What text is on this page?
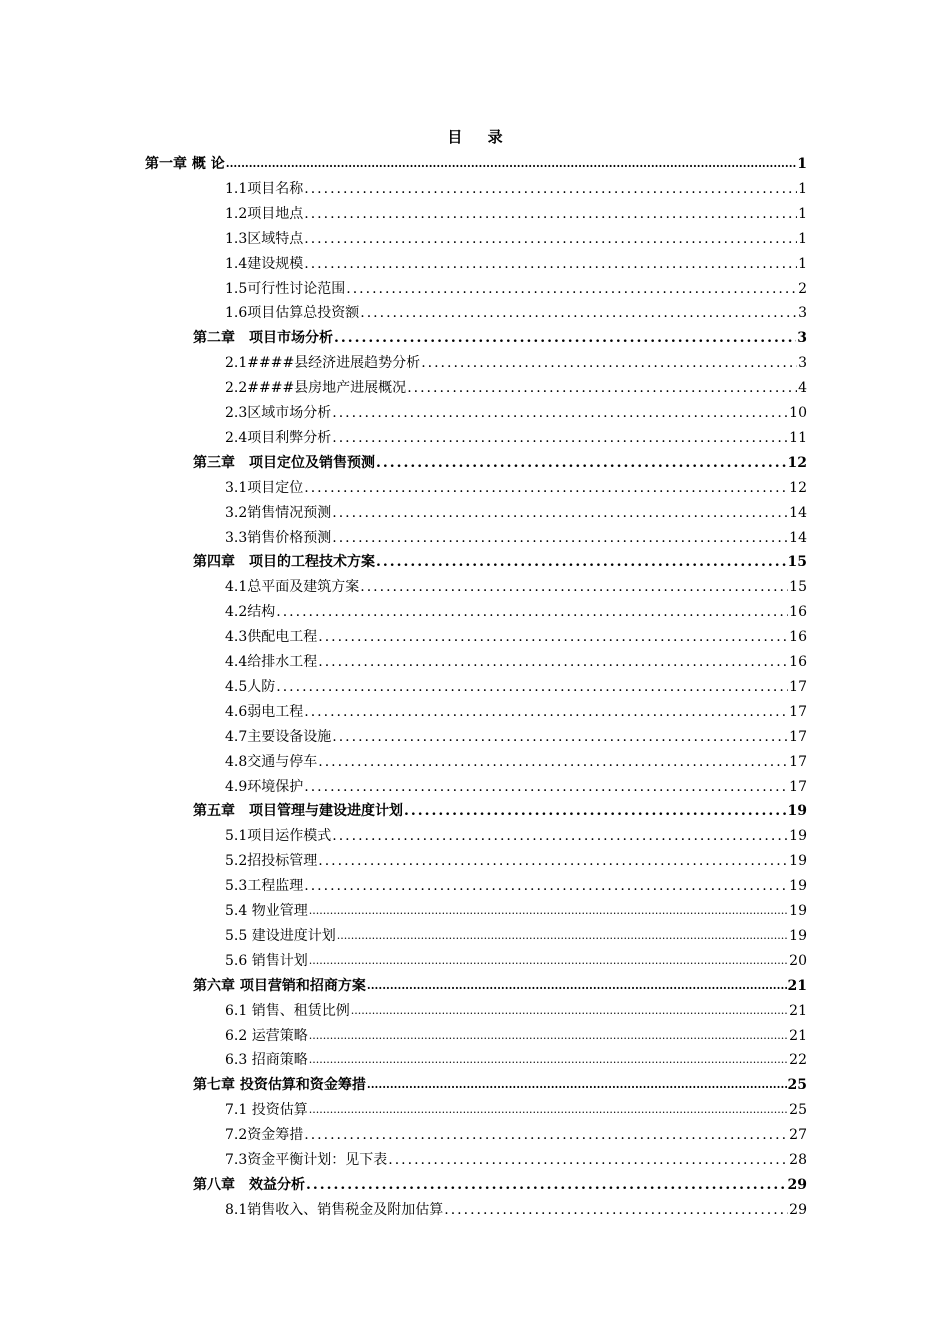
目 录
第一章 概 论 .....	1
1.1项目名称 .....	1
1.2项目地点 .....	1
1.3区域特点 .....	1
1.4建设规模 .....	1
1.5可行性讨论范围 .....	2
1.6项目估算总投资额 .....	3
第二章　项目市场分析 .....	3
2.1####县经济进展趋势分析 .....	3
2.2####县房地产进展概况 .....	4
2.3区域市场分析 .....	10
2.4项目利弊分析 .....	11
第三章　项目定位及销售预测 .....	12
3.1项目定位 .....	12
3.2销售情况预测 .....	14
3.3销售价格预测 .....	14
第四章　项目的工程技术方案 .....	15
4.1总平面及建筑方案 .....	15
4.2结构 .....	16
4.3供配电工程 .....	16
4.4给排水工程 .....	16
4.5人防 .....	17
4.6弱电工程 .....	17
4.7主要设备设施 .....	17
4.8交通与停车 .....	17
4.9环境保护 .....	17
第五章　项目管理与建设进度计划 .....	19
5.1项目运作模式 .....	19
5.2招投标管理 .....	19
5.3工程监理 .....	19
5.4 物业管理 .....	19
5.5 建设进度计划 .....	19
5.6 销售计划 .....	20
第六章 项目营销和招商方案 .....	21
6.1 销售、租赁比例 .....	21
6.2 运营策略 .....	21
6.3 招商策略 .....	22
第七章 投资估算和资金筹措 .....	25
7.1 投资估算 .....	25
7.2资金筹措 .....	27
7.3资金平衡计划：见下表 .....	28
第八章　效益分析 .....	29
8.1销售收入、销售税金及附加估算 .....	29
